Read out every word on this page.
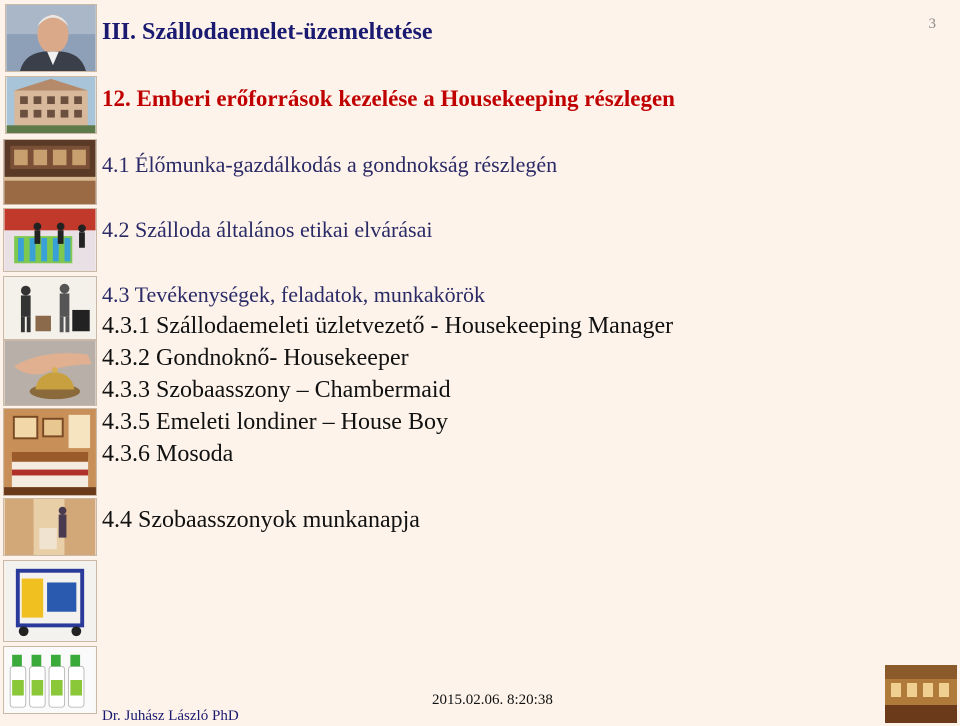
III. Szállodaemelet-üzemeltetése	3
12. Emberi erőforrások kezelése a Housekeeping részlegen
4.1 Élőmunka-gazdálkodás a gondnokság részlegén
4.2 Szálloda általános etikai elvárásai
4.3 Tevékenységek, feladatok, munkakörök
4.3.1 Szállodaemeleti üzletvezető - Housekeeping Manager
4.3.2 Gondnoknő- Housekeeper
4.3.3 Szobaasszony – Chambermaid
4.3.5 Emeleti londiner – House Boy
4.3.6 Mosoda
4.4 Szobaasszonyok munkanapja
2015.02.06. 8:20:38
Dr. Juhász László PhD
